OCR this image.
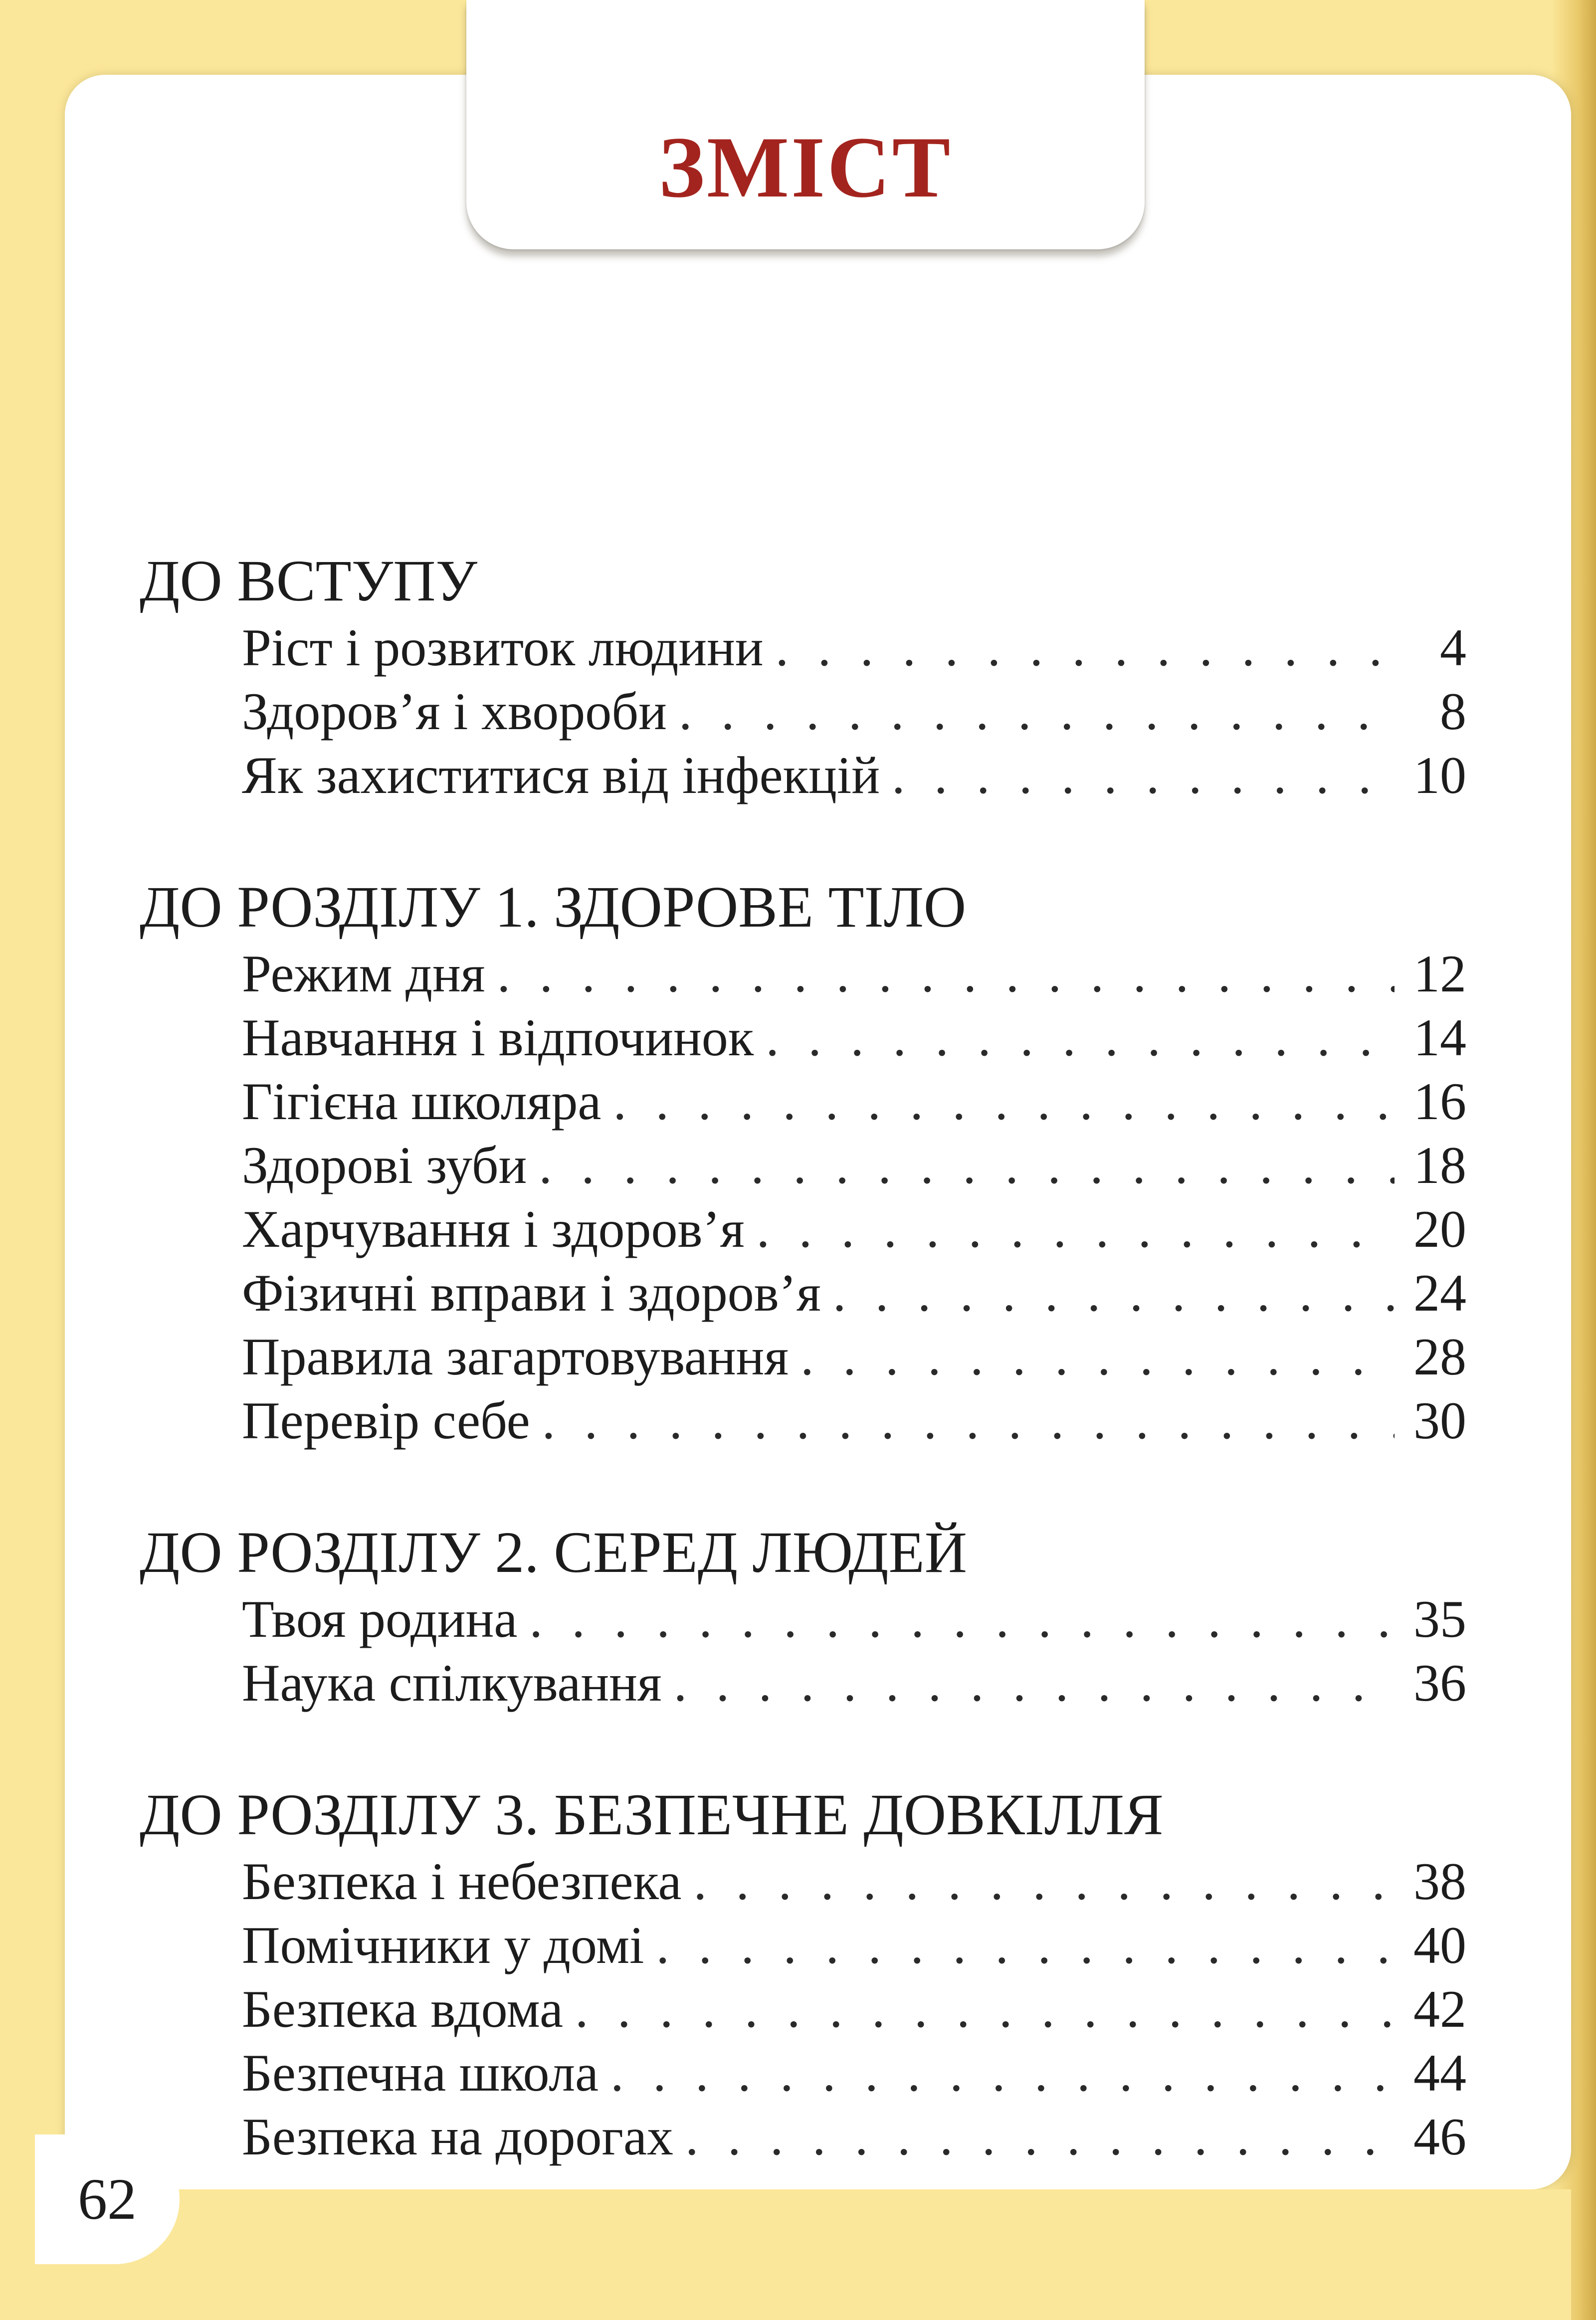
ЗМІСТ
ДО ВСТУПУ
Ріст і розвиток людини . . .	4
Здоров’я і хвороби . . .	8
Як захиститися від інфекцій . . .	10
ДО РОЗДІЛУ 1. ЗДОРОВЕ ТІЛО
Режим дня . . .	12
Навчання і відпочинок . . .	14
Гігієна школяра . . .	16
Здорові зуби . . .	18
Харчування і здоров’я . . .	20
Фізичні вправи і здоров’я . . .	24
Правила загартовування . . .	28
Перевір себе . . .	30
ДО РОЗДІЛУ 2. СЕРЕД ЛЮДЕЙ
Твоя родина . . .	35
Наука спілкування . . .	36
ДО РОЗДІЛУ 3. БЕЗПЕЧНЕ ДОВКІЛЛЯ
Безпека і небезпека . . .	38
Помічники у домі . . .	40
Безпека вдома . . .	42
Безпечна школа . . .	44
Безпека на дорогах . . .	46
62
